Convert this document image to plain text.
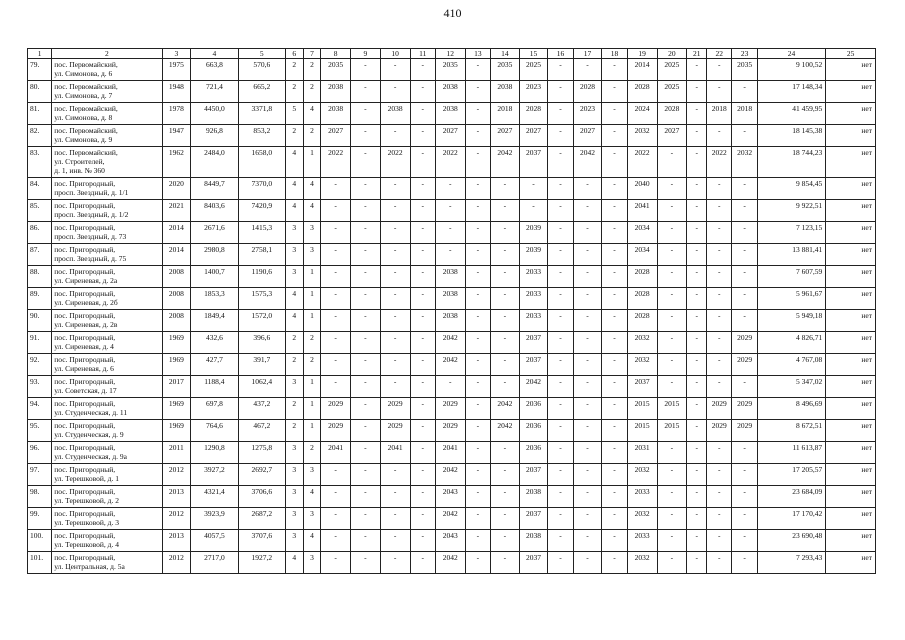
410
1	2	3	4	5	6	7	8	9	10	11	12	13	14	15	16	17	18	19	20	21	22	23	24	25
79.	пос. Первомайский,
ул. Симонова, д. 6	1975	663,8	570,6	2	2	2035	-	-	-	2035	-	2035	2025	-	-	-	2014	2025	-	-	2035	9 100,52	нет
80.	пос. Первомайский,
ул. Симонова, д. 7	1948	721,4	665,2	2	2	2038	-	-	-	2038	-	2038	2023	-	2028	-	2028	2025	-	-	-	17 148,34	нет
81.	пос. Первомайский,
ул. Симонова, д. 8	1978	4450,0	3371,8	5	4	2038	-	2038	-	2038	-	2018	2028	-	2023	-	2024	2028	-	2018	2018	41 459,95	нет
82.	пос. Первомайский,
ул. Симонова, д. 9	1947	926,8	853,2	2	2	2027	-	-	-	2027	-	2027	2027	-	2027	-	2032	2027	-	-	-	18 145,38	нет
83.	пос. Первомайский,
ул. Строителей,
д. 1, инв. № 360	1962	2484,0	1658,0	4	1	2022	-	2022	-	2022	-	2042	2037	-	2042	-	2022	-	-	2022	2032	18 744,23	нет
84.	пос. Пригородный,
просп. Звездный, д. 1/1	2020	8449,7	7370,0	4	4	-	-	-	-	-	-	-	-	-	-	-	2040	-	-	-	-	9 854,45	нет
85.	пос. Пригородный,
просп. Звездный, д. 1/2	2021	8403,6	7420,9	4	4	-	-	-	-	-	-	-	-	-	-	-	2041	-	-	-	-	9 922,51	нет
86.	пос. Пригородный,
просп. Звездный, д. 73	2014	2671,6	1415,3	3	3	-	-	-	-	-	-	-	2039	-	-	-	2034	-	-	-	-	7 123,15	нет
87.	пос. Пригородный,
просп. Звездный, д. 75	2014	2980,8	2758,1	3	3	-	-	-	-	-	-	-	2039	-	-	-	2034	-	-	-	-	13 881,41	нет
88.	пос. Пригородный,
ул. Сиреневая, д. 2а	2008	1400,7	1190,6	3	1	-	-	-	-	2038	-	-	2033	-	-	-	2028	-	-	-	-	7 607,59	нет
89.	пос. Пригородный,
ул. Сиреневая, д. 2б	2008	1853,3	1575,3	4	1	-	-	-	-	2038	-	-	2033	-	-	-	2028	-	-	-	-	5 961,67	нет
90.	пос. Пригородный,
ул. Сиреневая, д. 2в	2008	1849,4	1572,0	4	1	-	-	-	-	2038	-	-	2033	-	-	-	2028	-	-	-	-	5 949,18	нет
91.	пос. Пригородный,
ул. Сиреневая, д. 4	1969	432,6	396,6	2	2	-	-	-	-	2042	-	-	2037	-	-	-	2032	-	-	-	2029	4 826,71	нет
92.	пос. Пригородный,
ул. Сиреневая, д. 6	1969	427,7	391,7	2	2	-	-	-	-	2042	-	-	2037	-	-	-	2032	-	-	-	2029	4 767,08	нет
93.	пос. Пригородный,
ул. Советская, д. 17	2017	1188,4	1062,4	3	1	-	-	-	-	-	-	-	2042	-	-	-	2037	-	-	-	-	5 347,02	нет
94.	пос. Пригородный,
ул. Студенческая, д. 11	1969	697,8	437,2	2	1	2029	-	2029	-	2029	-	2042	2036	-	-	-	2015	2015	-	2029	2029	8 496,69	нет
95.	пос. Пригородный,
ул. Студенческая, д. 9	1969	764,6	467,2	2	1	2029	-	2029	-	2029	-	2042	2036	-	-	-	2015	2015	-	2029	2029	8 672,51	нет
96.	пос. Пригородный,
ул. Студенческая, д. 9а	2011	1290,8	1275,8	3	2	2041	-	2041	-	2041	-	-	2036	-	-	-	2031	-	-	-	-	11 613,87	нет
97.	пос. Пригородный,
ул. Терешковой, д. 1	2012	3927,2	2692,7	3	3	-	-	-	-	2042	-	-	2037	-	-	-	2032	-	-	-	-	17 205,57	нет
98.	пос. Пригородный,
ул. Терешковой, д. 2	2013	4321,4	3706,6	3	4	-	-	-	-	2043	-	-	2038	-	-	-	2033	-	-	-	-	23 684,09	нет
99.	пос. Пригородный,
ул. Терешковой, д. 3	2012	3923,9	2687,2	3	3	-	-	-	-	2042	-	-	2037	-	-	-	2032	-	-	-	-	17 170,42	нет
100.	пос. Пригородный,
ул. Терешковой, д. 4	2013	4057,5	3707,6	3	4	-	-	-	-	2043	-	-	2038	-	-	-	2033	-	-	-	-	23 690,48	нет
101.	пос. Пригородный,
ул. Центральная, д. 5а	2012	2717,0	1927,2	4	3	-	-	-	-	2042	-	-	2037	-	-	-	2032	-	-	-	-	7 293,43	нет
